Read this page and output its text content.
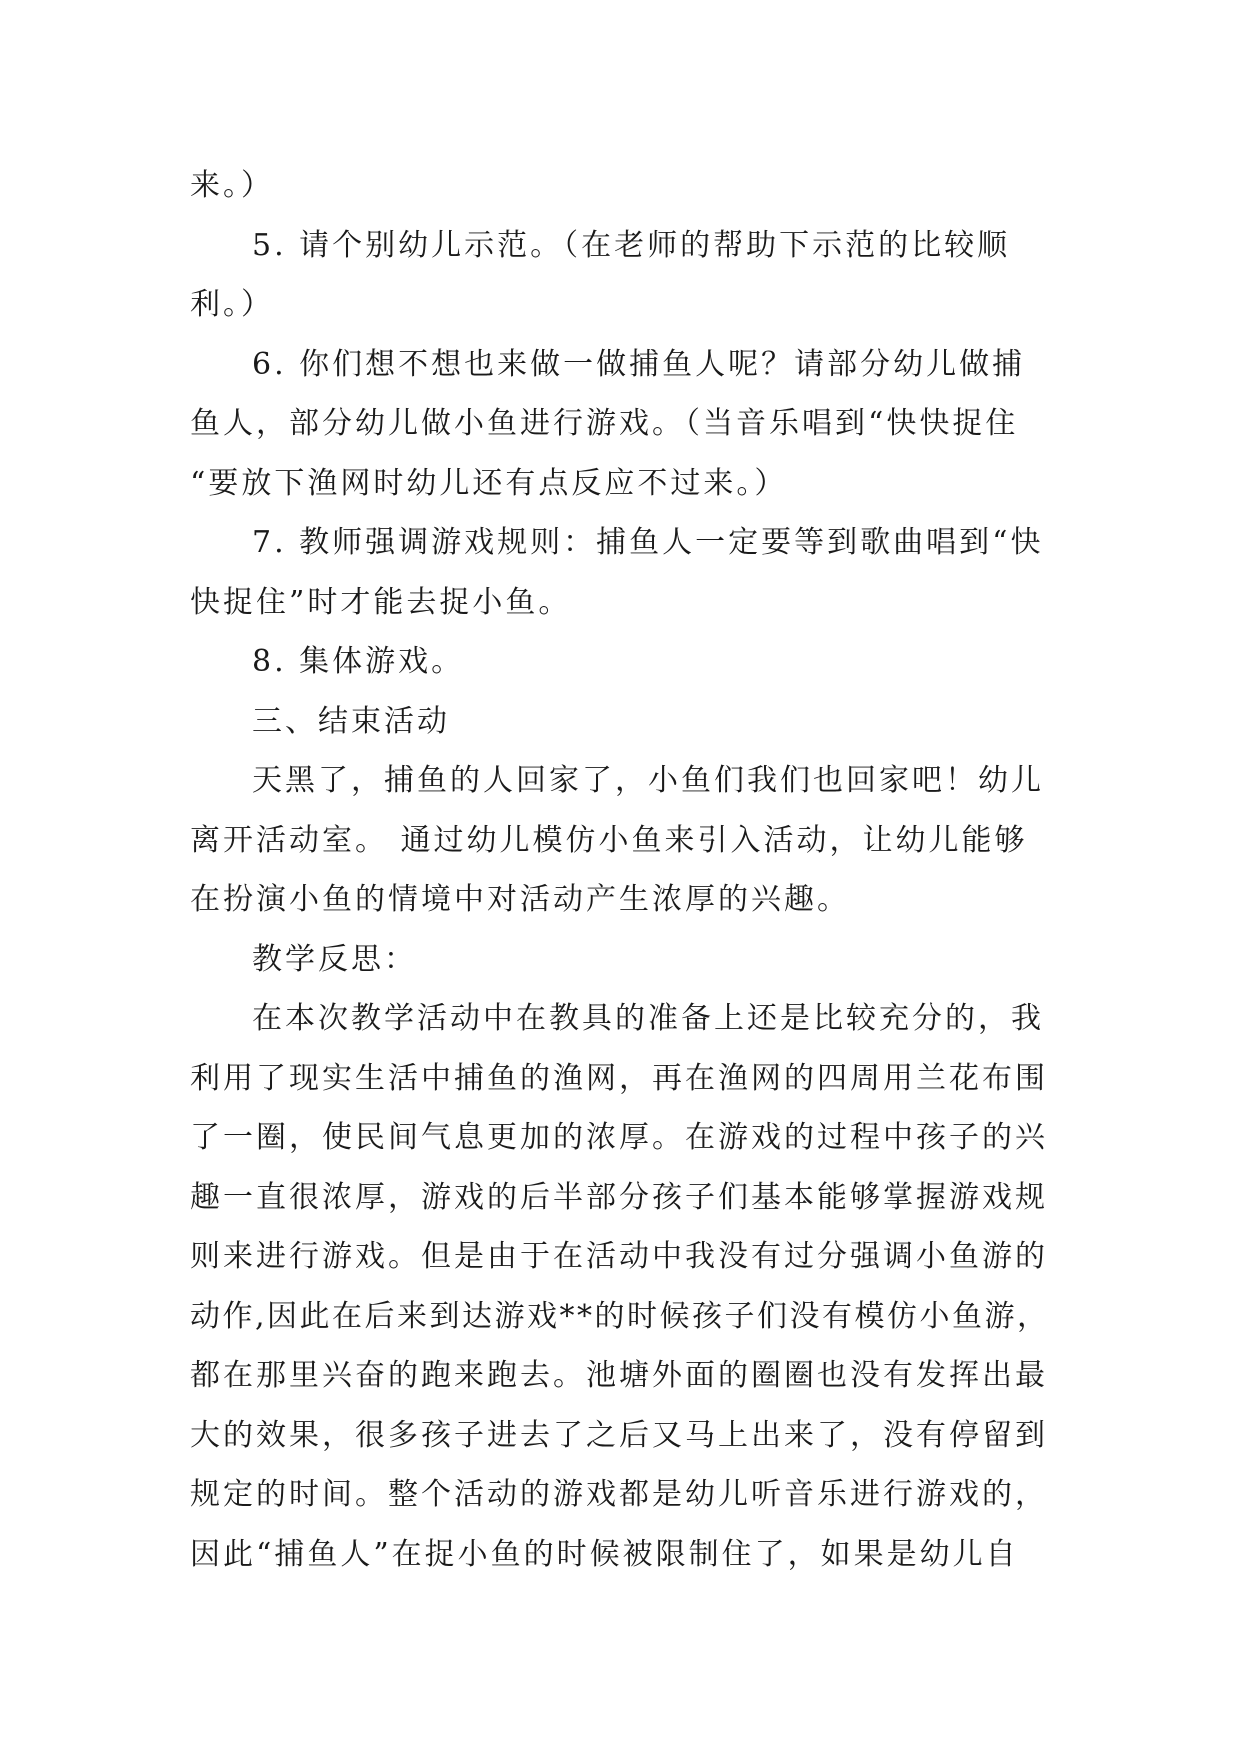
来。）
5. 请个别幼儿示范。（在老师的帮助下示范的比较顺
利。）
6. 你们想不想也来做一做捕鱼人呢？请部分幼儿做捕
鱼人，部分幼儿做小鱼进行游戏。（当音乐唱到“快快捉住
“要放下渔网时幼儿还有点反应不过来。）
7. 教师强调游戏规则：捕鱼人一定要等到歌曲唱到“快
快捉住”时才能去捉小鱼。
8. 集体游戏。
三、结束活动
天黑了，捕鱼的人回家了，小鱼们我们也回家吧！幼儿
离开活动室。 通过幼儿模仿小鱼来引入活动，让幼儿能够
在扮演小鱼的情境中对活动产生浓厚的兴趣。
教学反思：
在本次教学活动中在教具的准备上还是比较充分的，我
利用了现实生活中捕鱼的渔网，再在渔网的四周用兰花布围
了一圈，使民间气息更加的浓厚。在游戏的过程中孩子的兴
趣一直很浓厚，游戏的后半部分孩子们基本能够掌握游戏规
则来进行游戏。但是由于在活动中我没有过分强调小鱼游的
动作,因此在后来到达游戏**的时候孩子们没有模仿小鱼游，
都在那里兴奋的跑来跑去。池塘外面的圈圈也没有发挥出最
大的效果，很多孩子进去了之后又马上出来了，没有停留到
规定的时间。整个活动的游戏都是幼儿听音乐进行游戏的，
因此“捕鱼人”在捉小鱼的时候被限制住了，如果是幼儿自
